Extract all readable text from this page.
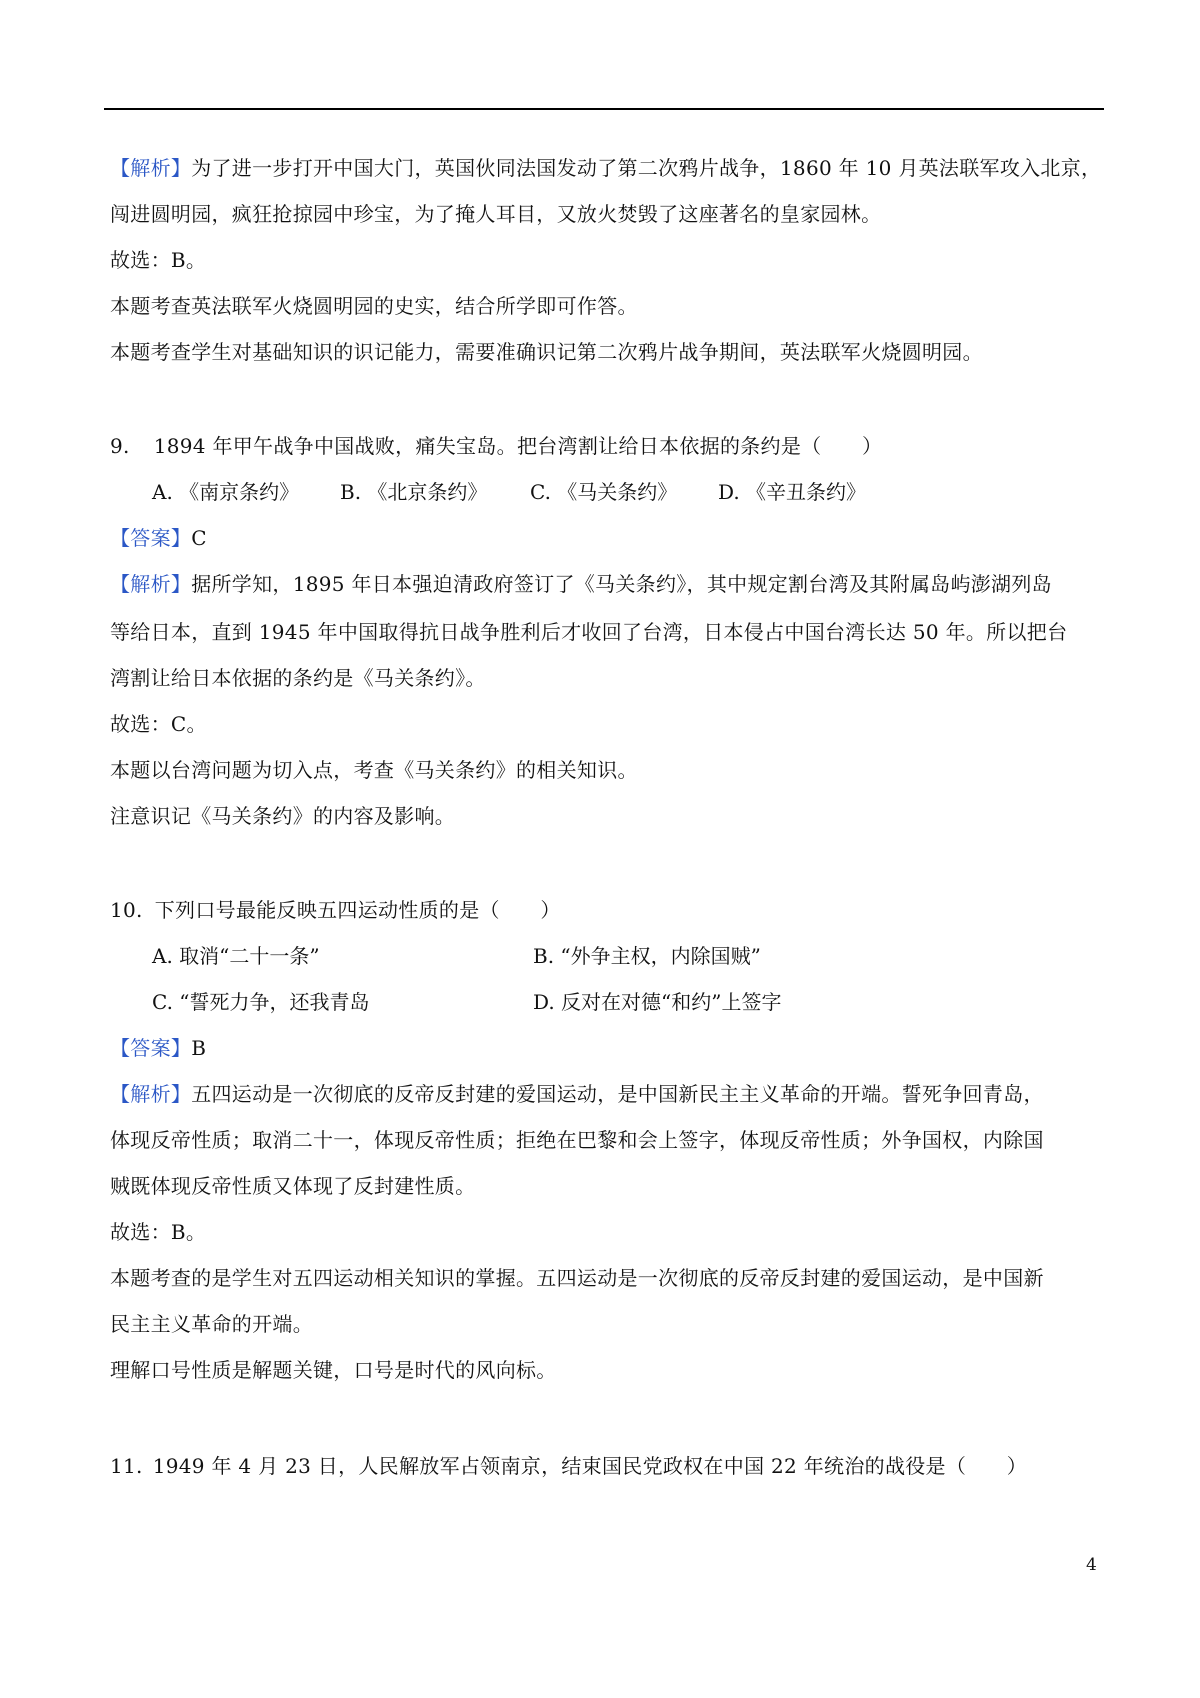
【解析】为了进一步打开中国大门，英国伙同法国发动了第二次鸦片战争，1860 年 10 月英法联军攻入北京，
闯进圆明园，疯狂抢掠园中珍宝，为了掩人耳目，又放火焚毁了这座著名的皇家园林。
故选：B。
本题考查英法联军火烧圆明园的史实，结合所学即可作答。
本题考查学生对基础知识的识记能力，需要准确识记第二次鸦片战争期间，英法联军火烧圆明园。
9. 1894 年甲午战争中国战败，痛失宝岛。把台湾割让给日本依据的条约是（　　）
A. 《南京条约》 B. 《北京条约》 C. 《马关条约》 D. 《辛丑条约》
【答案】C
【解析】据所学知，1895 年日本强迫清政府签订了《马关条约》，其中规定割台湾及其附属岛屿澎湖列岛
等给日本，直到 1945 年中国取得抗日战争胜利后才收回了台湾，日本侵占中国台湾长达 50 年。所以把台
湾割让给日本依据的条约是《马关条约》。
故选：C。
本题以台湾问题为切入点，考查《马关条约》的相关知识。
注意识记《马关条约》的内容及影响。
10. 下列口号最能反映五四运动性质的是（　　）
A. 取消“二十一条”	B. “外争主权，内除国贼”
C. “誓死力争，还我青岛	D. 反对在对德“和约”上签字
【答案】B
【解析】五四运动是一次彻底的反帝反封建的爱国运动，是中国新民主主义革命的开端。誓死争回青岛，
体现反帝性质；取消二十一，体现反帝性质；拒绝在巴黎和会上签字，体现反帝性质；外争国权，内除国
贼既体现反帝性质又体现了反封建性质。
故选：B。
本题考查的是学生对五四运动相关知识的掌握。五四运动是一次彻底的反帝反封建的爱国运动，是中国新
民主主义革命的开端。
理解口号性质是解题关键，口号是时代的风向标。
11. 1949 年 4 月 23 日，人民解放军占领南京，结束国民党政权在中国 22 年统治的战役是（　　）
4
